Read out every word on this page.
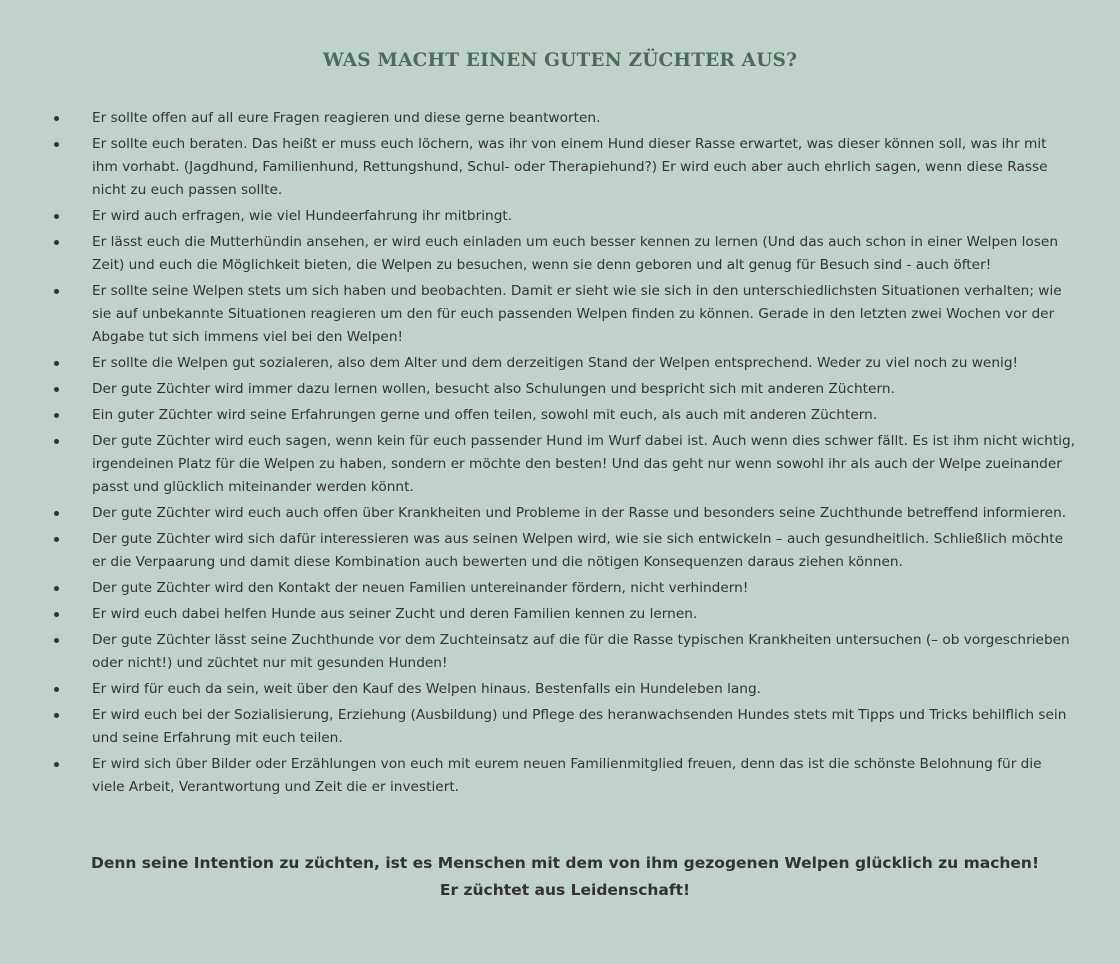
WAS MACHT EINEN GUTEN ZÜCHTER AUS?
Er sollte offen auf all eure Fragen reagieren und diese gerne beantworten.
Er sollte euch beraten. Das heißt er muss euch löchern, was ihr von einem Hund dieser Rasse erwartet, was dieser können soll, was ihr mit ihm vorhabt. (Jagdhund, Familienhund, Rettungshund, Schul- oder Therapiehund?) Er wird euch aber auch ehrlich sagen, wenn diese Rasse nicht zu euch passen sollte.
Er wird auch erfragen, wie viel Hundeerfahrung ihr mitbringt.
Er lässt euch die Mutterhündin ansehen, er wird euch einladen um euch besser kennen zu lernen (Und das auch schon in einer Welpen losen Zeit) und euch die Möglichkeit bieten, die Welpen zu besuchen, wenn sie denn geboren und alt genug für Besuch sind - auch öfter!
Er sollte seine Welpen stets um sich haben und beobachten. Damit er sieht wie sie sich in den unterschiedlichsten Situationen verhalten; wie sie auf unbekannte Situationen reagieren um den für euch passenden Welpen finden zu können. Gerade in den letzten zwei Wochen vor der Abgabe tut sich immens viel bei den Welpen!
Er sollte die Welpen gut sozialeren, also dem Alter und dem derzeitigen Stand der Welpen entsprechend. Weder zu viel noch zu wenig!
Der gute Züchter wird immer dazu lernen wollen, besucht also Schulungen und bespricht sich mit anderen Züchtern.
Ein guter Züchter wird seine Erfahrungen gerne und offen teilen, sowohl mit euch, als auch mit anderen Züchtern.
Der gute Züchter wird euch sagen, wenn kein für euch passender Hund im Wurf dabei ist. Auch wenn dies schwer fällt. Es ist ihm nicht wichtig, irgendeinen Platz für die Welpen zu haben, sondern er möchte den besten! Und das geht nur wenn sowohl ihr als auch der Welpe zueinander passt und glücklich miteinander werden könnt.
Der gute Züchter wird euch auch offen über Krankheiten und Probleme in der Rasse und besonders seine Zuchthunde betreffend informieren.
Der gute Züchter wird sich dafür interessieren was aus seinen Welpen wird, wie sie sich entwickeln – auch gesundheitlich. Schließlich möchte er die Verpaarung und damit diese Kombination auch bewerten und die nötigen Konsequenzen daraus ziehen können.
Der gute Züchter wird den Kontakt der neuen Familien untereinander fördern, nicht verhindern!
Er wird euch dabei helfen Hunde aus seiner Zucht und deren Familien kennen zu lernen.
Der gute Züchter lässt seine Zuchthunde vor dem Zuchteinsatz auf die für die Rasse typischen Krankheiten untersuchen (– ob vorgeschrieben oder nicht!) und züchtet nur mit gesunden Hunden!
Er wird für euch da sein, weit über den Kauf des Welpen hinaus. Bestenfalls ein Hundeleben lang.
Er wird euch bei der Sozialisierung, Erziehung (Ausbildung) und Pflege des heranwachsenden Hundes stets mit Tipps und Tricks behilflich sein und seine Erfahrung mit euch teilen.
Er wird sich über Bilder oder Erzählungen von euch mit eurem neuen Familienmitglied freuen, denn das ist die schönste Belohnung für die viele Arbeit, Verantwortung und Zeit die er investiert.
Denn seine Intention zu züchten, ist es Menschen mit dem von ihm gezogenen Welpen glücklich zu machen!
Er züchtet aus Leidenschaft!
